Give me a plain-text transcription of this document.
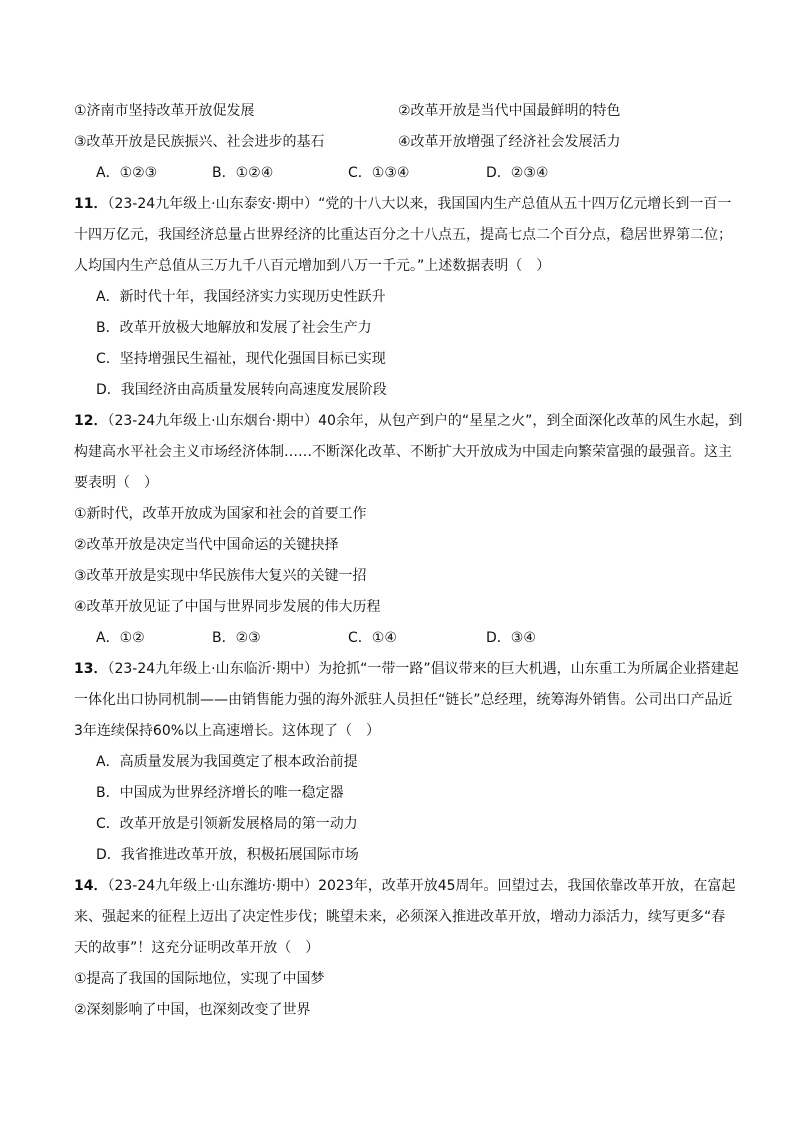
①济南市坚持改革开放促发展	②改革开放是当代中国最鲜明的特色
③改革开放是民族振兴、社会进步的基石	④改革开放增强了经济社会发展活力
A．①②③	B．①②④	C．①③④	D．②③④
11．（23-24九年级上·山东泰安·期中）“党的十八大以来，我国国内生产总值从五十四万亿元增长到一百一
十四万亿元，我国经济总量占世界经济的比重达百分之十八点五，提高七点二个百分点，稳居世界第二位；
人均国内生产总值从三万九千八百元增加到八万一千元。”上述数据表明（　）
A．新时代十年，我国经济实力实现历史性跃升
B．改革开放极大地解放和发展了社会生产力
C．坚持增强民生福祉，现代化强国目标已实现
D．我国经济由高质量发展转向高速度发展阶段
12．（23-24九年级上·山东烟台·期中）40余年，从包产到户的“星星之火”，到全面深化改革的风生水起，到
构建高水平社会主义市场经济体制……不断深化改革、不断扩大开放成为中国走向繁荣富强的最强音。这主
要表明（　）
①新时代，改革开放成为国家和社会的首要工作
②改革开放是决定当代中国命运的关键抉择
③改革开放是实现中华民族伟大复兴的关键一招
④改革开放见证了中国与世界同步发展的伟大历程
A．①②	B．②③	C．①④	D．③④
13．（23-24九年级上·山东临沂·期中）为抢抓“一带一路”倡议带来的巨大机遇，山东重工为所属企业搭建起
一体化出口协同机制——由销售能力强的海外派驻人员担任“链长”总经理，统筹海外销售。公司出口产品近
3年连续保持60%以上高速增长。这体现了（　）
A．高质量发展为我国奠定了根本政治前提
B．中国成为世界经济增长的唯一稳定器
C．改革开放是引领新发展格局的第一动力
D．我省推进改革开放，积极拓展国际市场
14．（23-24九年级上·山东潍坊·期中）2023年，改革开放45周年。回望过去，我国依靠改革开放，在富起
来、强起来的征程上迈出了决定性步伐；眺望未来，必须深入推进改革开放，增动力添活力，续写更多“春
天的故事”！这充分证明改革开放（　）
①提高了我国的国际地位，实现了中国梦
②深刻影响了中国，也深刻改变了世界
